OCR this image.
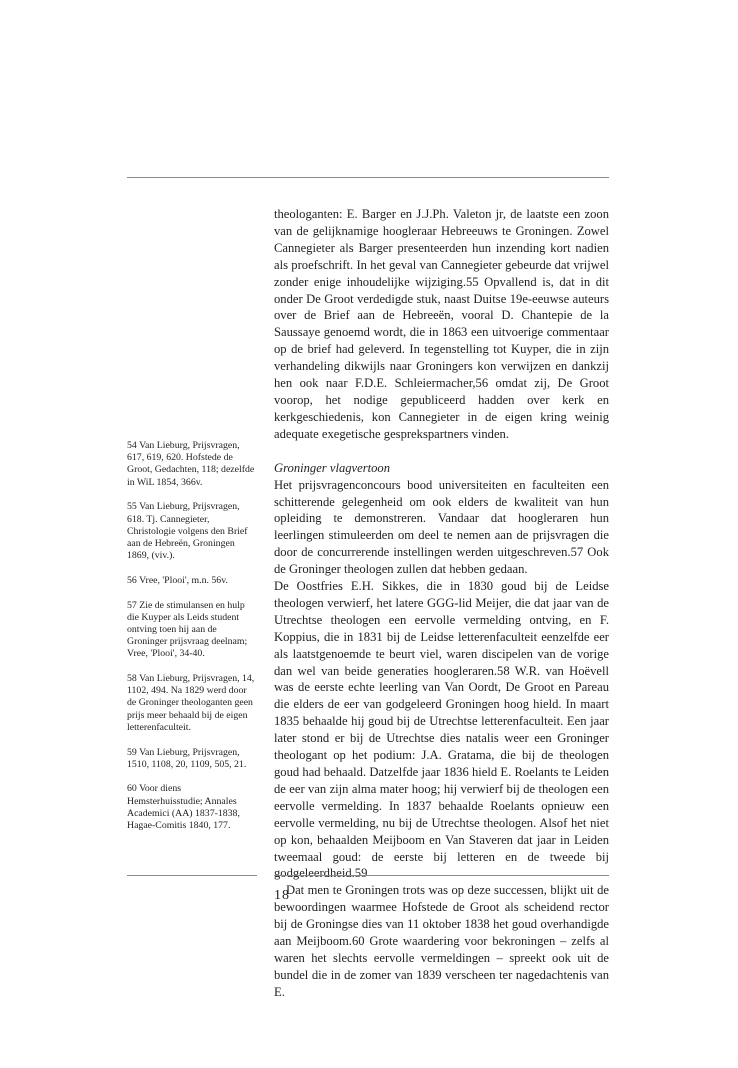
theologanten: E. Barger en J.J.Ph. Valeton jr, de laatste een zoon van de gelijknamige hoogleraar Hebreeuws te Groningen. Zowel Cannegieter als Barger presenteerden hun inzending kort nadien als proefschrift. In het geval van Cannegieter gebeurde dat vrijwel zonder enige inhoudelijke wijziging.55 Opvallend is, dat in dit onder De Groot verdedigde stuk, naast Duitse 19e-eeuwse auteurs over de Brief aan de Hebreeën, vooral D. Chantepie de la Saussaye genoemd wordt, die in 1863 een uitvoerige commentaar op de brief had geleverd. In tegenstelling tot Kuyper, die in zijn verhandeling dikwijls naar Groningers kon verwijzen en dankzij hen ook naar F.D.E. Schleiermacher,56 omdat zij, De Groot voorop, het nodige gepubliceerd hadden over kerk en kerkgeschiedenis, kon Cannegieter in de eigen kring weinig adequate exegetische gesprekspartners vinden.

Groninger vlagvertoon

Het prijsvragenconcours bood universiteiten en faculteiten een schitterende gelegenheid om ook elders de kwaliteit van hun opleiding te demonstreren. Vandaar dat hoogleraren hun leerlingen stimuleerden om deel te nemen aan de prijsvragen die door de concurrerende instellingen werden uitgeschreven.57 Ook de Groninger theologen zullen dat hebben gedaan.

De Oostfries E.H. Sikkes, die in 1830 goud bij de Leidse theologen verwierf, het latere GGG-lid Meijer, die dat jaar van de Utrechtse theologen een eervolle vermelding ontving, en F. Koppius, die in 1831 bij de Leidse letterenfaculteit eenzelfde eer als laatstgenoemde te beurt viel, waren discipelen van de vorige dan wel van beide generaties hoogleraren.58 W.R. van Hoëvell was de eerste echte leerling van Van Oordt, De Groot en Pareau die elders de eer van godgeleerd Groningen hoog hield. In maart 1835 behaalde hij goud bij de Utrechtse letterenfaculteit. Een jaar later stond er bij de Utrechtse dies natalis weer een Groninger theologant op het podium: J.A. Gratama, die bij de theologen goud had behaald. Datzelfde jaar 1836 hield E. Roelants te Leiden de eer van zijn alma mater hoog; hij verwierf bij de theologen een eervolle vermelding. In 1837 behaalde Roelants opnieuw een eervolle vermelding, nu bij de Utrechtse theologen. Alsof het niet op kon, behaalden Meijboom en Van Staveren dat jaar in Leiden tweemaal goud: de eerste bij letteren en de tweede bij godgeleerdheid.59

Dat men te Groningen trots was op deze successen, blijkt uit de bewoordingen waarmee Hofstede de Groot als scheidend rector bij de Groningse dies van 11 oktober 1838 het goud overhandigde aan Meijboom.60 Grote waardering voor bekroningen – zelfs al waren het slechts eervolle vermeldingen – spreekt ook uit de bundel die in de zomer van 1839 verscheen ter nagedachtenis van E.

54 Van Lieburg, Prijsvragen, 617, 619, 620. Hofstede de Groot, Gedachten, 118; dezelfde in WiL 1854, 366v.

55 Van Lieburg, Prijsvragen, 618. Tj. Cannegieter, Christologie volgens den Brief aan de Hebreën, Groningen 1869, (viv.).

56 Vree, 'Plooi', m.n. 56v.

57 Zie de stimulansen en hulp die Kuyper als Leids student ontving toen hij aan de Groninger prijsvraag deelnam; Vree, 'Plooi', 34-40.

58 Van Lieburg, Prijsvragen, 14, 1102, 494. Na 1829 werd door de Groninger theologanten geen prijs meer behaald bij de eigen letterenfaculteit.

59 Van Lieburg, Prijsvragen, 1510, 1108, 20, 1109, 505, 21.

60 Voor diens Hemsterhuisstudie; Annales Academici (AA) 1837-1838, Hagae-Comitis 1840, 177.

18
